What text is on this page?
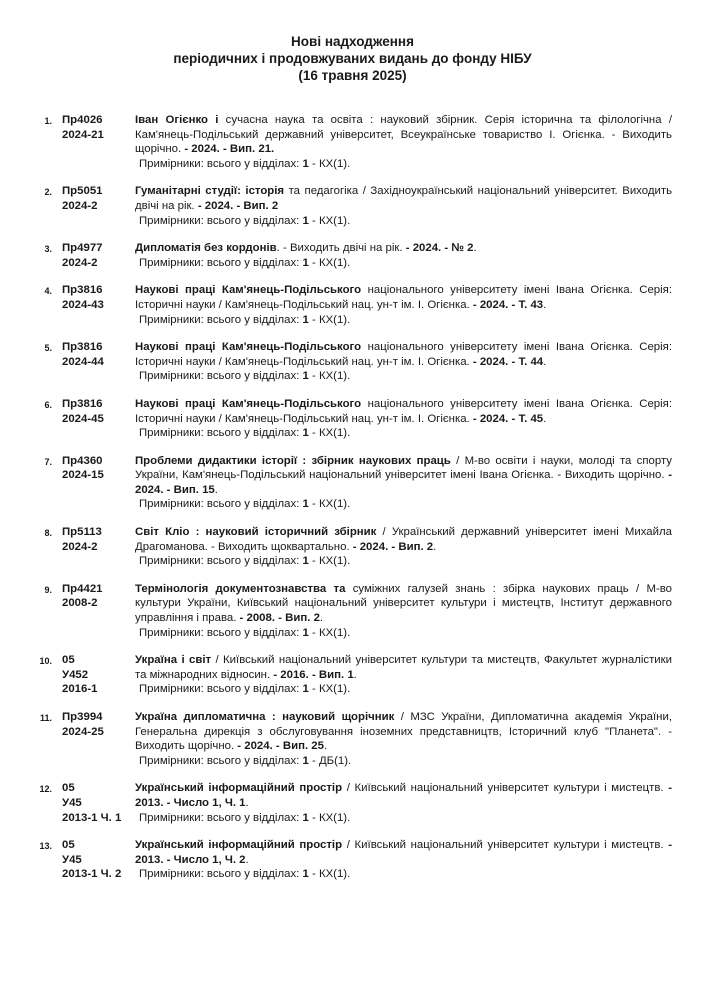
Нові надходження
періодичних і продовжуваних видань до фонду НІБУ
(16 травня 2025)
1. Пр4026
2024-21
Іван Огієнко і сучасна наука та освіта : науковий збірник. Серія історична та філологічна / Кам'янець-Подільський державний університет, Всеукраїнське товариство І. Огієнка. - Виходить щорічно. - 2024. - Вип. 21.
Примірники: всього у відділах: 1 - КХ(1).
2. Пр5051
2024-2
Гуманітарні студії: історія та педагогіка / Західноукраїнський національний університет. Виходить двічі на рік. - 2024. - Вип. 2
Примірники: всього у відділах: 1 - КХ(1).
3. Пр4977
2024-2
Дипломатія без кордонів. - Виходить двічі на рік. - 2024. - № 2.
Примірники: всього у відділах: 1 - КХ(1).
4. Пр3816
2024-43
Наукові праці Кам'янець-Подільського національного університету імені Івана Огієнка. Серія: Історичні науки / Кам'янець-Подільський нац. ун-т ім. І. Огієнка. - 2024. - Т. 43.
Примірники: всього у відділах: 1 - КХ(1).
5. Пр3816
2024-44
Наукові праці Кам'янець-Подільського національного університету імені Івана Огієнка. Серія: Історичні науки / Кам'янець-Подільський нац. ун-т ім. І. Огієнка. - 2024. - Т. 44.
Примірники: всього у відділах: 1 - КХ(1).
6. Пр3816
2024-45
Наукові праці Кам'янець-Подільського національного університету імені Івана Огієнка. Серія: Історичні науки / Кам'янець-Подільський нац. ун-т ім. І. Огієнка. - 2024. - Т. 45.
Примірники: всього у відділах: 1 - КХ(1).
7. Пр4360
2024-15
Проблеми дидактики історії : збірник наукових праць / М-во освіти і науки, молоді та спорту України, Кам'янець-Подільський національний університет імені Івана Огієнка. - Виходить щорічно. - 2024. - Вип. 15.
Примірники: всього у відділах: 1 - КХ(1).
8. Пр5113
2024-2
Світ Кліо : науковий історичний збірник / Український державний університет імені Михайла Драгоманова. - Виходить щоквартально. - 2024. - Вип. 2.
Примірники: всього у відділах: 1 - КХ(1).
9. Пр4421
2008-2
Термінологія документознавства та суміжних галузей знань : збірка наукових праць / М-во культури України, Київський національний університет культури і мистецтв, Інститут державного управління і права. - 2008. - Вип. 2.
Примірники: всього у відділах: 1 - КХ(1).
10. 05
У452
2016-1
Україна і світ / Київський національний університет культури та мистецтв, Факультет журналістики та міжнародних відносин. - 2016. - Вип. 1.
Примірники: всього у відділах: 1 - КХ(1).
11. Пр3994
2024-25
Україна дипломатична : науковий щорічник / МЗС України, Дипломатична академія України, Генеральна дирекція з обслуговування іноземних представництв, Історичний клуб "Планета". - Виходить щорічно. - 2024. - Вип. 25.
Примірники: всього у відділах: 1 - ДБ(1).
12. 05
У45
2013-1 Ч. 1
Український інформаційний простір / Київський національний університет культури і мистецтв. - 2013. - Число 1, Ч. 1.
Примірники: всього у відділах: 1 - КХ(1).
13. 05
У45
2013-1 Ч. 2
Український інформаційний простір / Київський національний університет культури і мистецтв. - 2013. - Число 1, Ч. 2.
Примірники: всього у відділах: 1 - КХ(1).
